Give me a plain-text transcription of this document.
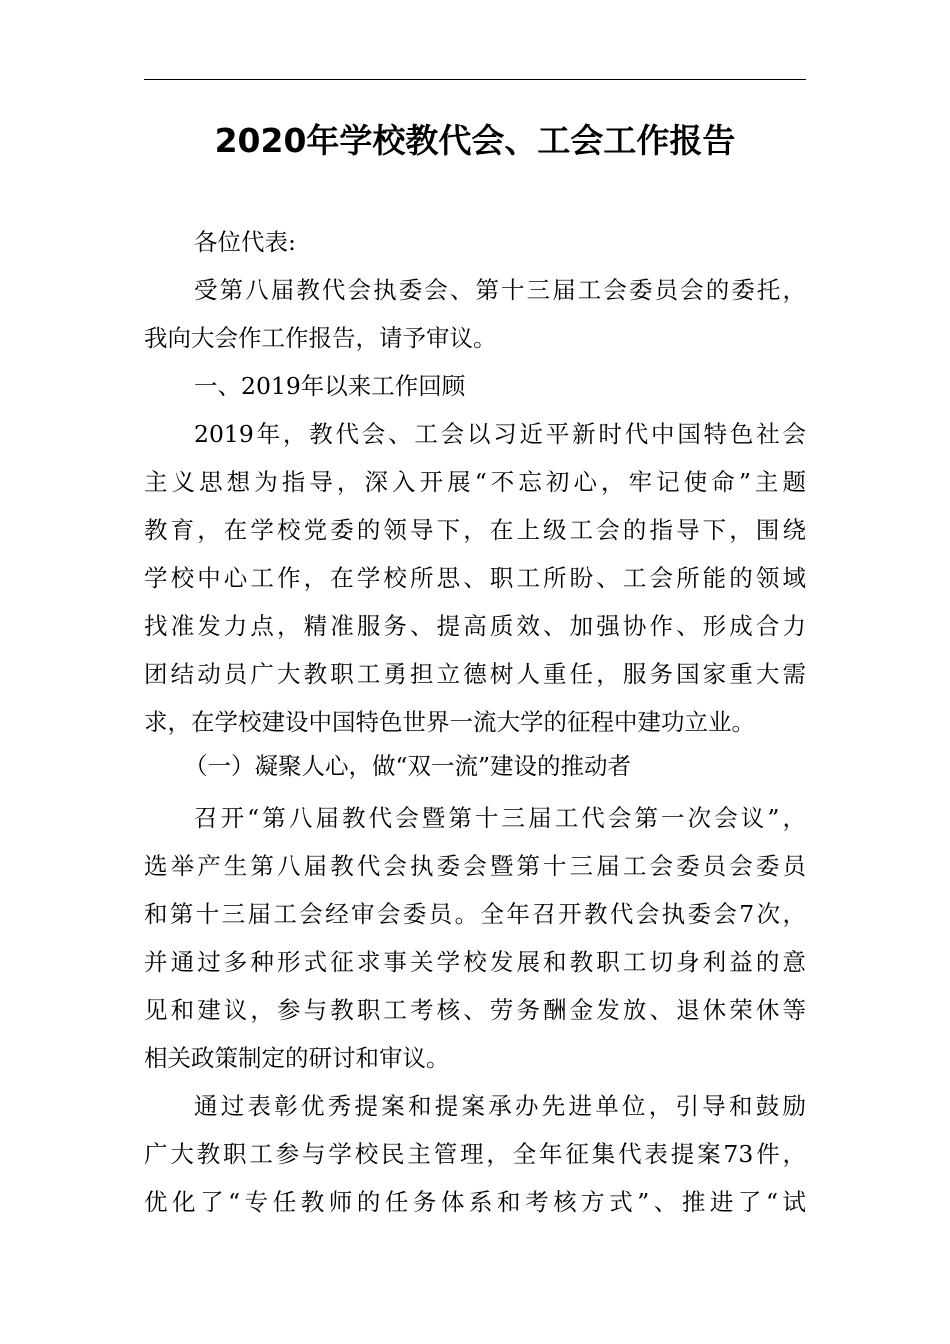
2020年学校教代会、工会工作报告
各位代表:
受第八届教代会执委会、第十三届工会委员会的委托，
我向大会作工作报告，请予审议。
一、2019年以来工作回顾
2019年，教代会、工会以习近平新时代中国特色社会
主义思想为指导，深入开展“不忘初心，牢记使命”主题
教育，在学校党委的领导下，在上级工会的指导下，围绕
学校中心工作，在学校所思、职工所盼、工会所能的领域
找准发力点，精准服务、提高质效、加强协作、形成合力
团结动员广大教职工勇担立德树人重任，服务国家重大需
求，在学校建设中国特色世界一流大学的征程中建功立业。
（一）凝聚人心，做“双一流”建设的推动者
召开“第八届教代会暨第十三届工代会第一次会议”，
选举产生第八届教代会执委会暨第十三届工会委员会委员
和第十三届工会经审会委员。全年召开教代会执委会7次，
并通过多种形式征求事关学校发展和教职工切身利益的意
见和建议，参与教职工考核、劳务酬金发放、退休荣休等
相关政策制定的研讨和审议。
通过表彰优秀提案和提案承办先进单位，引导和鼓励
广大教职工参与学校民主管理，全年征集代表提案73件，
优化了“专任教师的任务体系和考核方式”、推进了“试
